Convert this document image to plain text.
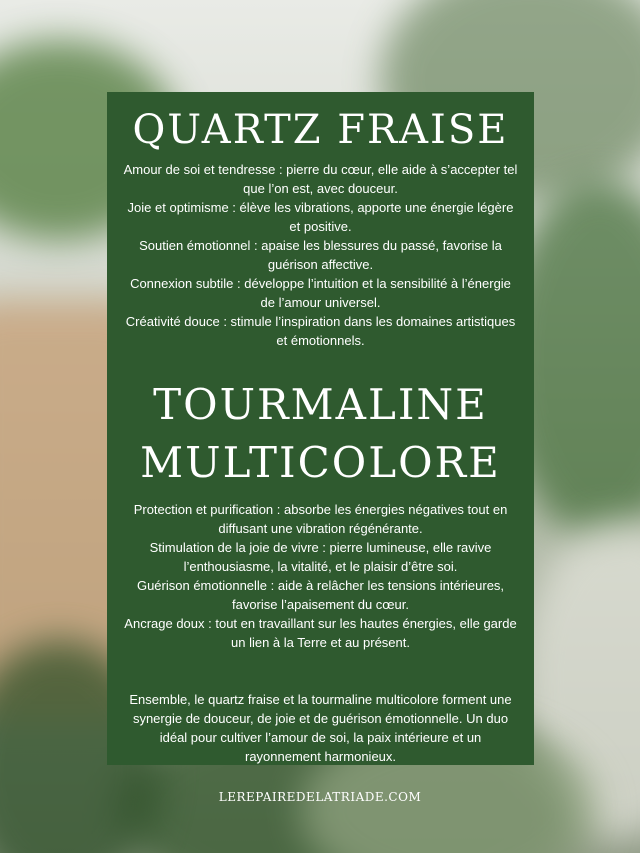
QUARTZ FRAISE

Amour de soi et tendresse : pierre du cœur, elle aide à s’accepter tel que l’on est, avec douceur.

Joie et optimisme : élève les vibrations, apporte une énergie légère et positive.

Soutien émotionnel : apaise les blessures du passé, favorise la guérison affective.

Connexion subtile : développe l’intuition et la sensibilité à l’énergie de l’amour universel.

Créativité douce : stimule l’inspiration dans les domaines artistiques et émotionnels.

TOURMALINE
MULTICOLORE

Protection et purification : absorbe les énergies négatives tout en diffusant une vibration régénérante.

Stimulation de la joie de vivre : pierre lumineuse, elle ravive l’enthousiasme, la vitalité, et le plaisir d’être soi.

Guérison émotionnelle : aide à relâcher les tensions intérieures, favorise l’apaisement du cœur.

Ancrage doux : tout en travaillant sur les hautes énergies, elle garde un lien à la Terre et au présent.

Ensemble, le quartz fraise et la tourmaline multicolore forment une synergie de douceur, de joie et de guérison émotionnelle. Un duo idéal pour cultiver l’amour de soi, la paix intérieure et un rayonnement harmonieux.

LEREPAIREDELATRIADE.COM
